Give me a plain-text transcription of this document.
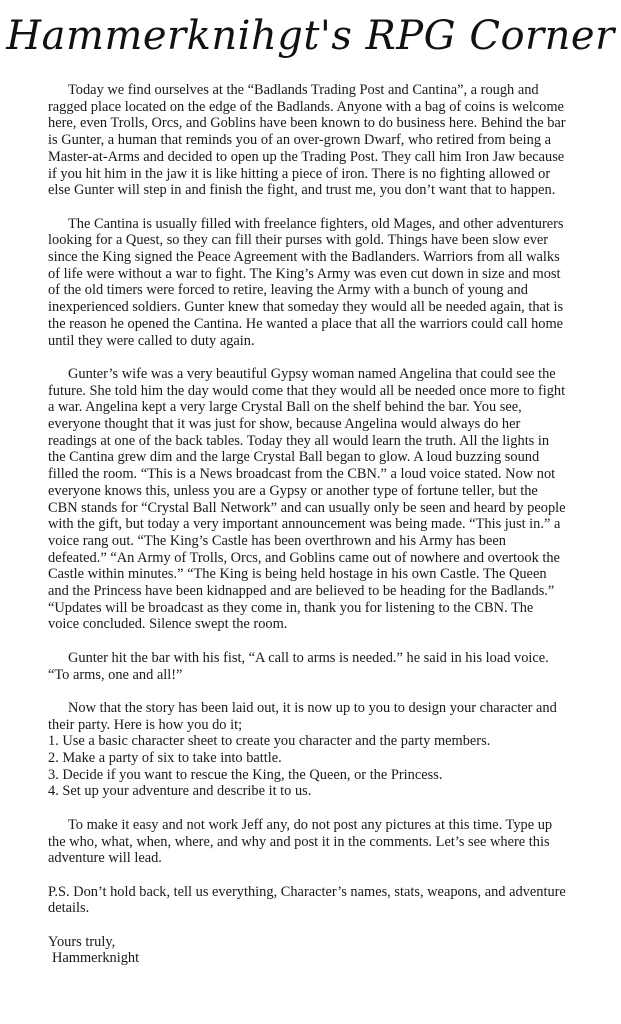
Hammerknihgt's RPG Corner

Today we find ourselves at the “Badlands Trading Post and Cantina”, a rough and ragged place located on the edge of the Badlands. Anyone with a bag of coins is welcome here, even Trolls, Orcs, and Goblins have been known to do business here. Behind the bar is Gunter, a human that reminds you of an over-grown Dwarf, who retired from being a Master-at-Arms and decided to open up the Trading Post. They call him Iron Jaw because if you hit him in the jaw it is like hitting a piece of iron. There is no fighting allowed or else Gunter will step in and finish the fight, and trust me, you don’t want that to happen.

The Cantina is usually filled with freelance fighters, old Mages, and other adventurers looking for a Quest, so they can fill their purses with gold. Things have been slow ever since the King signed the Peace Agreement with the Badlanders. Warriors from all walks of life were without a war to fight. The King’s Army was even cut down in size and most of the old timers were forced to retire, leaving the Army with a bunch of young and inexperienced soldiers. Gunter knew that someday they would all be needed again, that is the reason he opened the Cantina. He wanted a place that all the warriors could call home until they were called to duty again.

Gunter’s wife was a very beautiful Gypsy woman named Angelina that could see the future. She told him the day would come that they would all be needed once more to fight a war. Angelina kept a very large Crystal Ball on the shelf behind the bar. You see, everyone thought that it was just for show, because Angelina would always do her readings at one of the back tables. Today they all would learn the truth. All the lights in the Cantina grew dim and the large Crystal Ball began to glow. A loud buzzing sound filled the room. “This is a News broadcast from the CBN.” a loud voice stated. Now not everyone knows this, unless you are a Gypsy or another type of fortune teller, but the CBN stands for “Crystal Ball Network” and can usually only be seen and heard by people with the gift, but today a very important announcement was being made. “This just in.” a voice rang out. “The King’s Castle has been overthrown and his Army has been defeated.” “An Army of Trolls, Orcs, and Goblins came out of nowhere and overtook the Castle within minutes.” “The King is being held hostage in his own Castle. The Queen and the Princess have been kidnapped and are believed to be heading for the Badlands.” “Updates will be broadcast as they come in, thank you for listening to the CBN. The voice concluded. Silence swept the room.

Gunter hit the bar with his fist, “A call to arms is needed.” he said in his load voice. “To arms, one and all!”

Now that the story has been laid out, it is now up to you to design your character and their party. Here is how you do it;

1. Use a basic character sheet to create you character and the party members.
2. Make a party of six to take into battle.
3. Decide if you want to rescue the King, the Queen, or the Princess.
4. Set up your adventure and describe it to us.

To make it easy and not work Jeff any, do not post any pictures at this time. Type up the who, what, when, where, and why and post it in the comments. Let’s see where this adventure will lead.

P.S. Don’t hold back, tell us everything, Character’s names, stats, weapons, and adventure details.

Yours truly,

Hammerknight
